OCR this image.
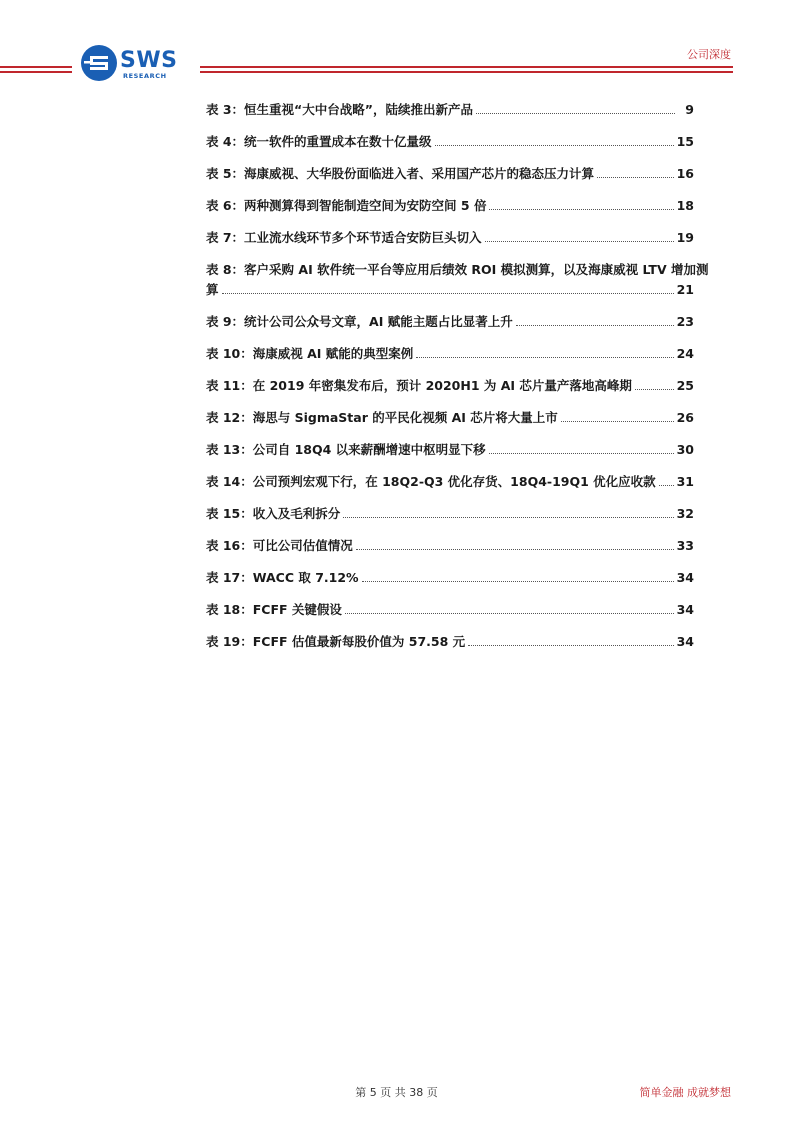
SWS
RESEARCH
公司深度
表 3：恒生重视“大中台战略”，陆续推出新产品	9
表 4：统一软件的重置成本在数十亿量级	15
表 5：海康威视、大华股份面临进入者、采用国产芯片的稳态压力计算	16
表 6：两种测算得到智能制造空间为安防空间 5 倍	18
表 7：工业流水线环节多个环节适合安防巨头切入	19
表 8：客户采购 AI 软件统一平台等应用后绩效 ROI 模拟测算，以及海康威视 LTV 增加测
算	21
表 9：统计公司公众号文章，AI 赋能主题占比显著上升	23
表 10：海康威视 AI 赋能的典型案例	24
表 11：在 2019 年密集发布后，预计 2020H1 为 AI 芯片量产落地高峰期	25
表 12：海思与 SigmaStar 的平民化视频 AI 芯片将大量上市	26
表 13：公司自 18Q4 以来薪酬增速中枢明显下移	30
表 14：公司预判宏观下行，在 18Q2-Q3 优化存货、18Q4-19Q1 优化应收款 31
表 15：收入及毛利拆分	32
表 16：可比公司估值情况	33
表 17：WACC 取 7.12%	34
表 18：FCFF 关键假设	34
表 19：FCFF 估值最新每股价值为 57.58 元	34
第 5 页 共 38 页	简单金融 成就梦想
